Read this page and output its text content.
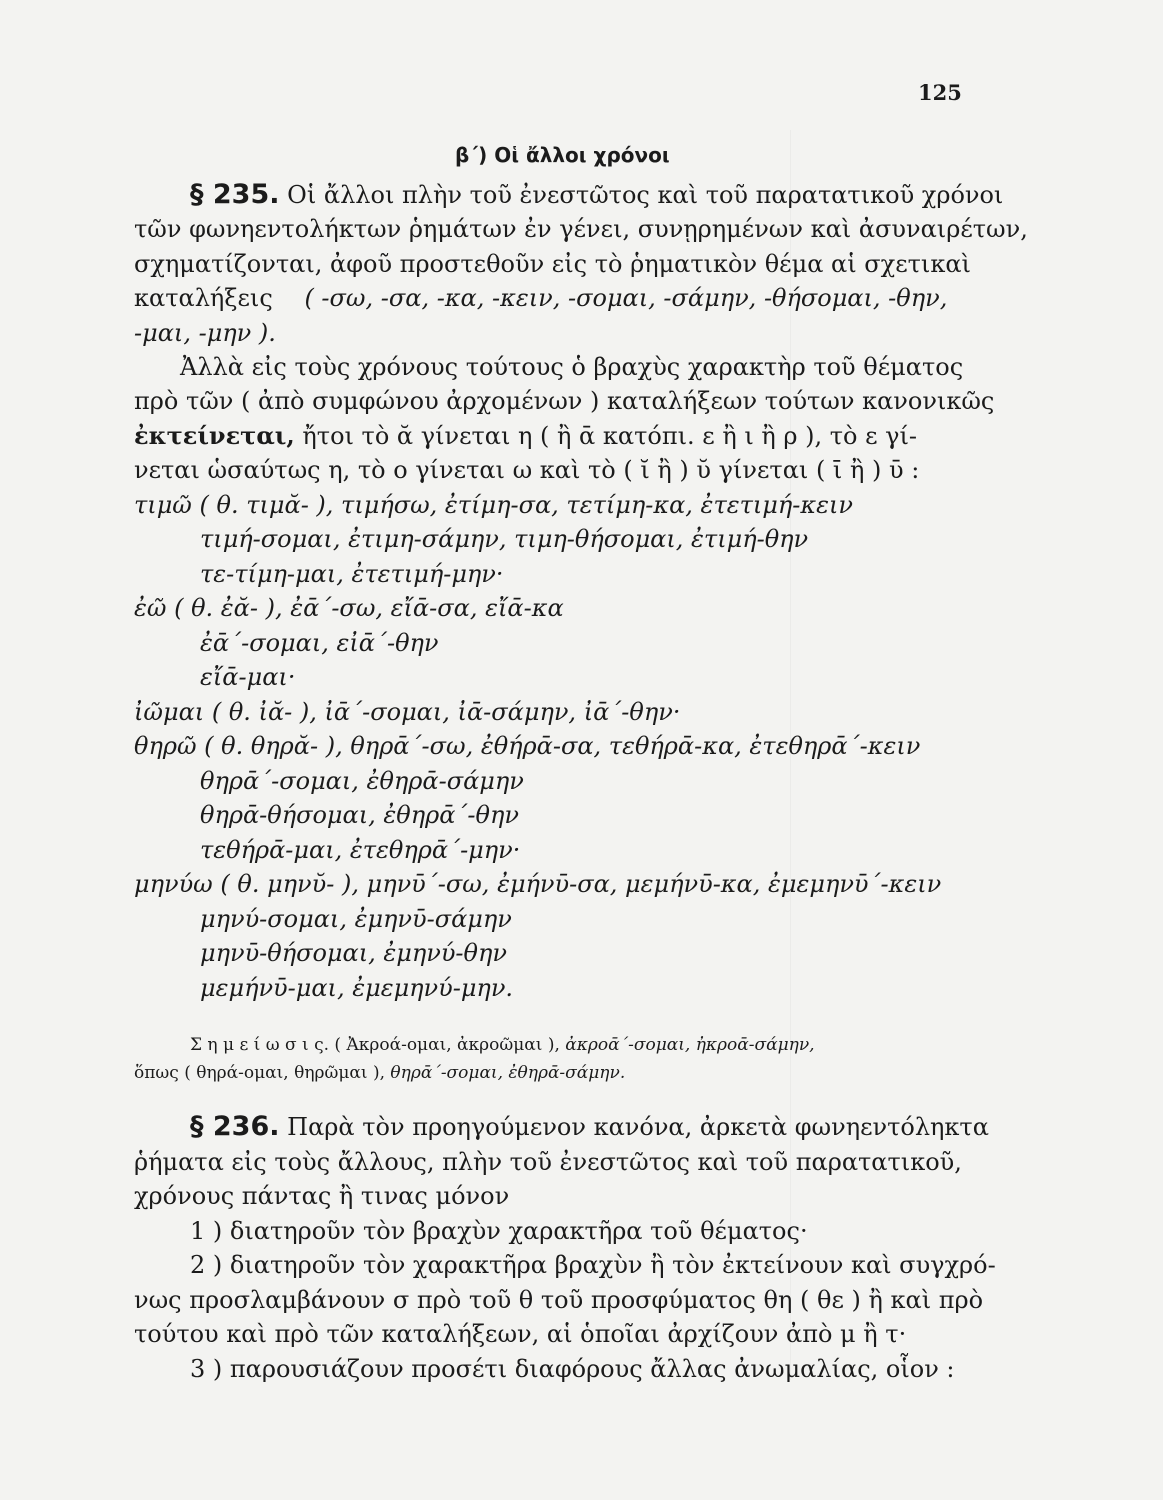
125
β΄) Οἱ ἄλλοι χρόνοι
§ 235. Οἱ ἄλλοι πλὴν τοῦ ἐνεστῶτος καὶ τοῦ παρατατικοῦ χρόνοι
τῶν φωνηεντολήκτων ῥημάτων ἐν γένει, συνῃρημένων καὶ ἀσυναιρέτων,
σχηματίζονται, ἀφοῦ προστεθοῦν εἰς τὸ ῥηματικὸν θέμα αἱ σχετικαὶ
καταλήξεις ( -σω, -σα, -κα, -κειν, -σομαι, -σάμην, -θήσομαι, -θην,
-μαι, -μην ).
Ἀλλὰ εἰς τοὺς χρόνους τούτους ὁ βραχὺς χαρακτὴρ τοῦ θέματος
πρὸ τῶν ( ἀπὸ συμφώνου ἀρχομένων ) καταλήξεων τούτων κανονικῶς
ἐκτείνεται, ἤτοι τὸ ᾰ γίνεται η ( ἢ ᾱ κατόπι. ε ἢ ι ἢ ρ ), τὸ ε γί-
νεται ὡσαύτως η, τὸ ο γίνεται ω καὶ τὸ ( ῐ ἢ ) ῠ γίνεται ( ῑ ἢ ) ῡ :
τιμῶ ( θ. τιμᾰ- ), τιμήσω, ἐτίμη-σα, τετίμη-κα, ἐτετιμή-κειν
τιμή-σομαι, ἐτιμη-σάμην, τιμη-θήσομαι, ἐτιμή-θην
τε-τίμη-μαι, ἐτετιμή-μην·
ἐῶ ( θ. ἐᾰ- ), ἐᾱ΄-σω, εἴᾱ-σα, εἴᾱ-κα
ἐᾱ΄-σομαι, εἰᾱ΄-θην
εἴᾱ-μαι·
ἰῶμαι ( θ. ἰᾰ- ), ἰᾱ΄-σομαι, ἰᾱ-σάμην, ἰᾱ΄-θην·
θηρῶ ( θ. θηρᾰ- ), θηρᾱ΄-σω, ἐθήρᾱ-σα, τεθήρᾱ-κα, ἐτεθηρᾱ΄-κειν
θηρᾱ΄-σομαι, ἐθηρᾱ-σάμην
θηρᾱ-θήσομαι, ἐθηρᾱ΄-θην
τεθήρᾱ-μαι, ἐτεθηρᾱ΄-μην·
μηνύω ( θ. μηνῠ- ), μηνῡ΄-σω, ἐμήνῡ-σα, μεμήνῡ-κα, ἐμεμηνῡ΄-κειν
μηνύ-σομαι, ἐμηνῡ-σάμην
μηνῡ-θήσομαι, ἐμηνύ-θην
μεμήνῡ-μαι, ἐμεμηνύ-μην.
Σ η μ ε ί ω σ ι ς. ( Ἀκροά-ομαι, ἀκροῶμαι ), ἀκροᾱ΄-σομαι, ἠκροᾱ-σάμην,
ὅπως ( θηρά-ομαι, θηρῶμαι ), θηρᾱ΄-σομαι, ἐθηρᾱ-σάμην.
§ 236. Παρὰ τὸν προηγούμενον κανόνα, ἀρκετὰ φωνηεντόληκτα
ῥήματα εἰς τοὺς ἄλλους, πλὴν τοῦ ἐνεστῶτος καὶ τοῦ παρατατικοῦ,
χρόνους πάντας ἢ τινας μόνον
1 ) διατηροῦν τὸν βραχὺν χαρακτῆρα τοῦ θέματος·
2 ) διατηροῦν τὸν χαρακτῆρα βραχὺν ἢ τὸν ἐκτείνουν καὶ συγχρό-
νως προσλαμβάνουν σ πρὸ τοῦ θ τοῦ προσφύματος θη ( θε ) ἢ καὶ πρὸ
τούτου καὶ πρὸ τῶν καταλήξεων, αἱ ὁποῖαι ἀρχίζουν ἀπὸ μ ἢ τ·
3 ) παρουσιάζουν προσέτι διαφόρους ἄλλας ἀνωμαλίας, οἷον :
